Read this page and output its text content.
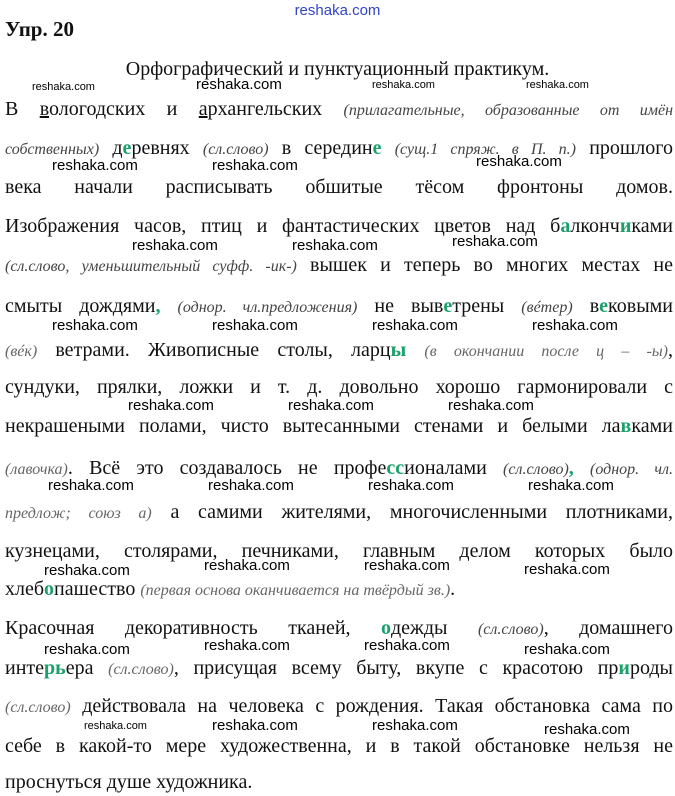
reshaka.com
Упр. 20
Орфографический и пунктуационный практикум.
В вологодских и архангельских (прилагательные, образованные от имён
собственных) деревнях (сл.слово) в середине (сущ.1 спряж. в П. п.) прошлого
века начали расписывать обшитые тёсом фронтоны домов.
Изображения часов, птиц и фантастических цветов над балкончиками
(сл.слово, уменьшительный суфф. -ик-) вышек и теперь во многих местах не
смыты дождями, (однор. чл.предложения) не выветрены (вéтер) вековыми
(вéк) ветрами. Живописные столы, ларцы (в окончании после ц – -ы),
сундуки, прялки, ложки и т. д. довольно хорошо гармонировали с
некрашеными полами, чисто вытесанными стенами и белыми лавками
(лавочка). Всё это создавалось не профессионалами (сл.слово), (однор. чл.
предлож; союз а) а самими жителями, многочисленными плотниками,
кузнецами, столярами, печниками, главным делом которых было
хлебопашество (первая основа оканчивается на твёрдый зв.).
Красочная декоративность тканей, одежды (сл.слово), домашнего
интерьера (сл.слово), присущая всему быту, вкупе с красотою природы
(сл.слово) действовала на человека с рождения. Такая обстановка сама по
себе в какой-то мере художественна, и в такой обстановке нельзя не
проснуться душе художника.
reshaka.com	reshaka.com	reshaka.com	reshaka.com
reshaka.com	reshaka.com	reshaka.com
reshaka.com	reshaka.com	reshaka.com
reshaka.com	reshaka.com	reshaka.com	reshaka.com
reshaka.com	reshaka.com	reshaka.com
reshaka.com	reshaka.com	reshaka.com	reshaka.com
reshaka.com	reshaka.com	reshaka.com	reshaka.com
reshaka.com	reshaka.com	reshaka.com	reshaka.com
reshaka.com	reshaka.com	reshaka.com	reshaka.com
